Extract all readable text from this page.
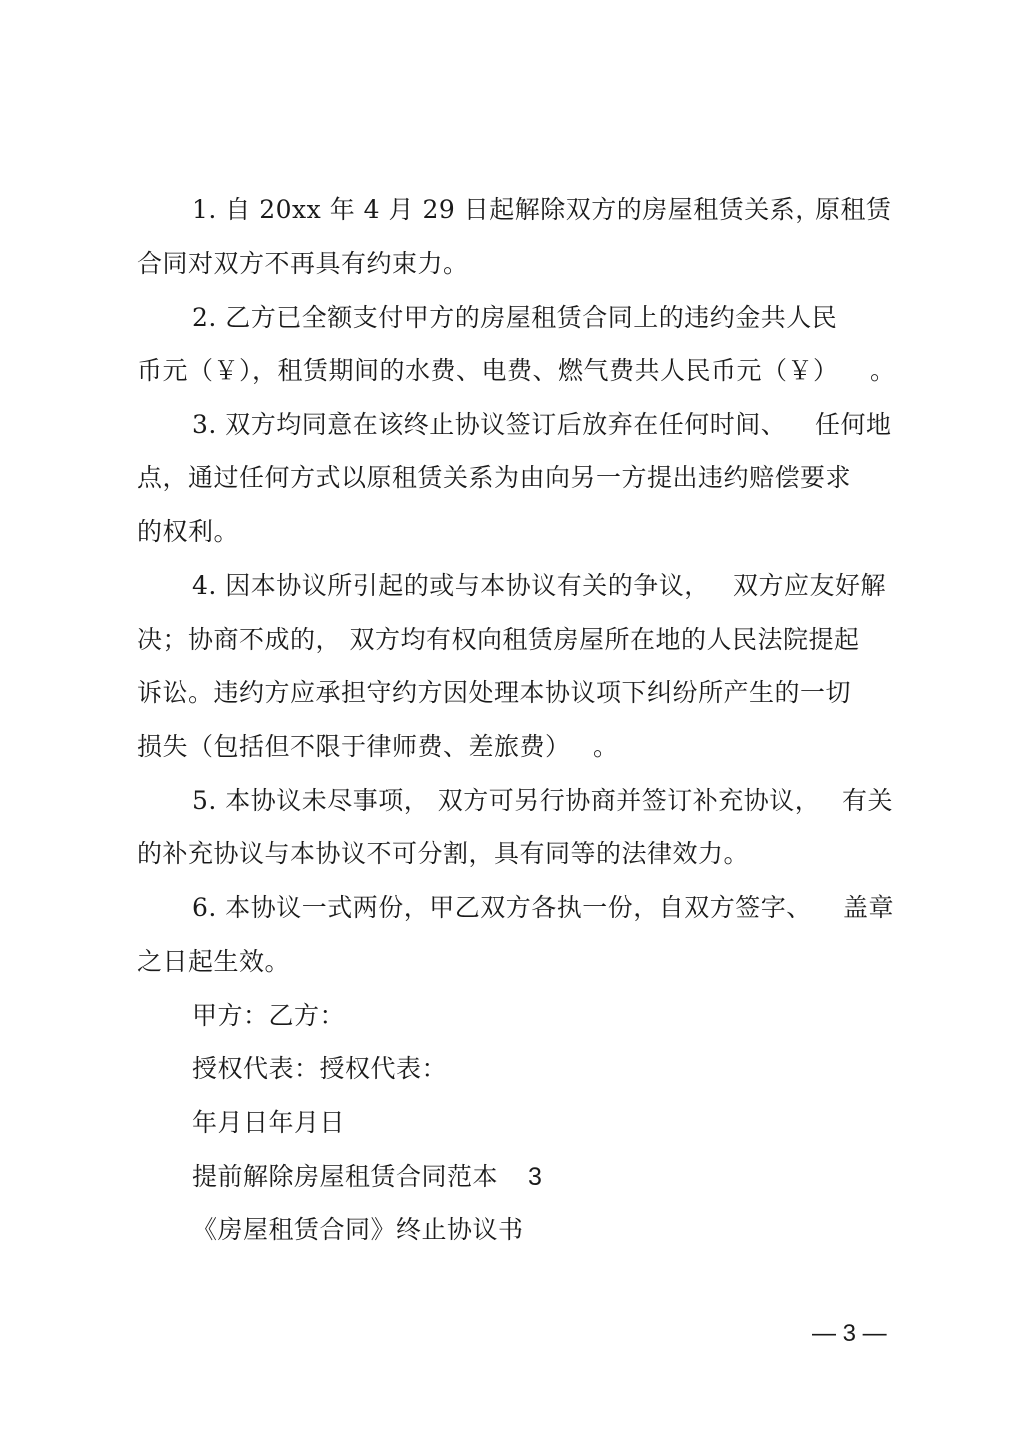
1. 自 20xx 年 4 月 29 日起解除双方的房屋租赁关系，
原租赁
合同对双方不再具有约束力。
2. 乙方已全额支付甲方的房屋租赁合同上的违约金共人民
币元（￥），租赁期间的水费、电费、燃气费共人民币元（￥） 。
3. 双方均同意在该终止协议签订后放弃在任何时间、 任何地
点，通过任何方式以原租赁关系为由向另一方提出违约赔偿要求
的权利。
4. 因本协议所引起的或与本协议有关的争议， 双方应友好解
决；协商不成的， 双方均有权向租赁房屋所在地的人民法院提起
诉讼。违约方应承担守约方因处理本协议项下纠纷所产生的一切
损失（包括但不限于律师费、差旅费） 。
5. 本协议未尽事项， 双方可另行协商并签订补充协议， 有关
的补充协议与本协议不可分割，具有同等的法律效力。
6. 本协议一式两份，甲乙双方各执一份，自双方签字、 盖章
之日起生效。
甲方：乙方：
授权代表：授权代表：
年月日年月日
提前解除房屋租赁合同范本 3
《房屋租赁合同》终止协议书
— 3 —
